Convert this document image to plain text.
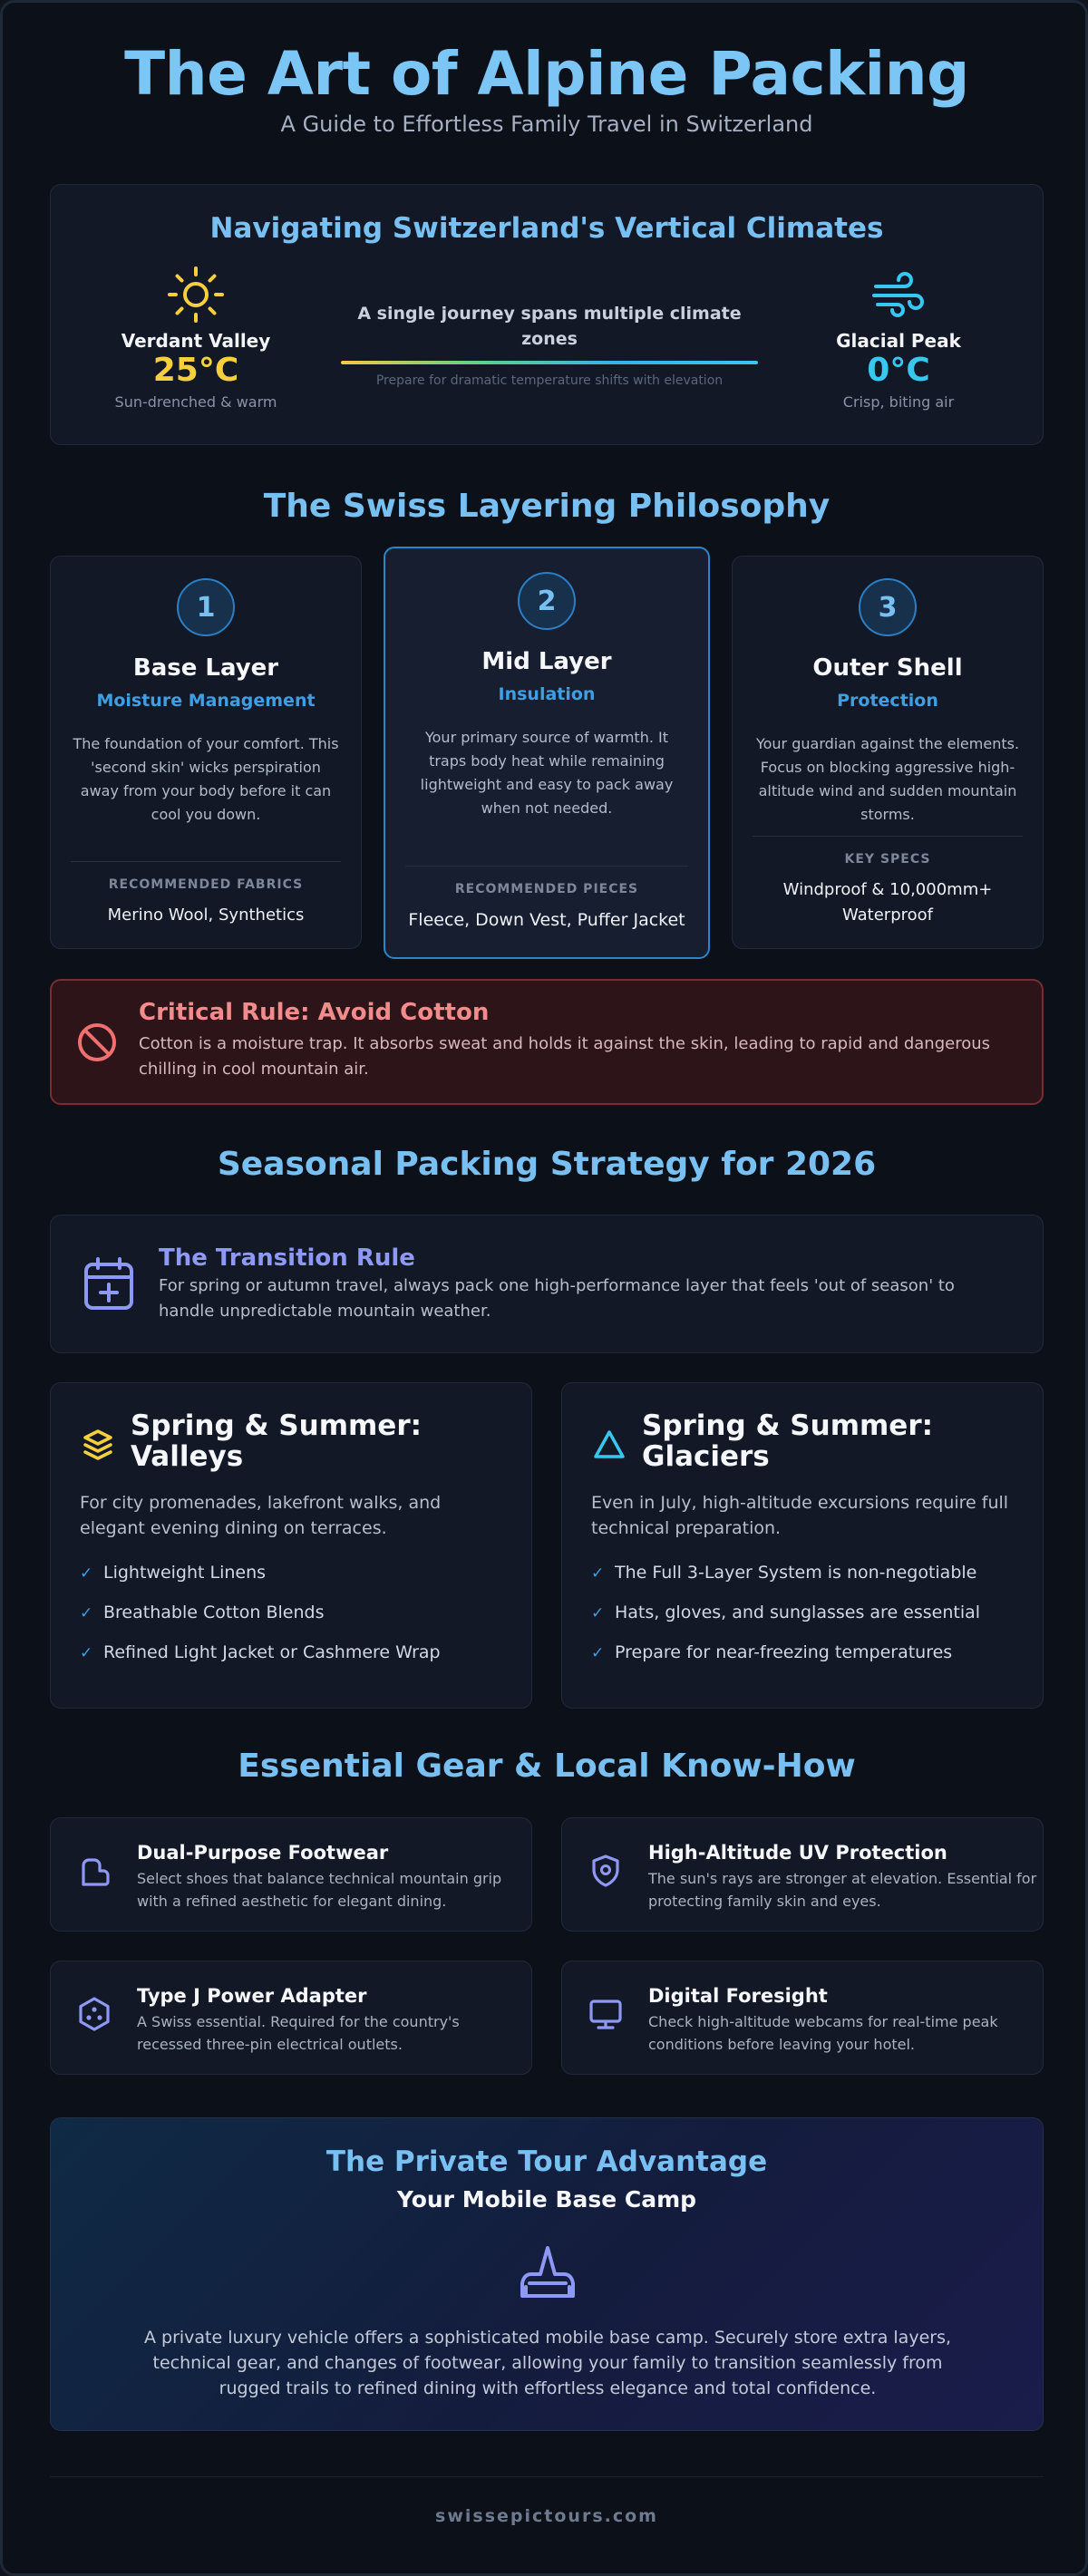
The Art of Alpine Packing
A Guide to Effortless Family Travel in Switzerland
Navigating Switzerland's Vertical Climates
Verdant Valley
25°C
Sun-drenched & warm
A single journey spans multiple climate zones
Prepare for dramatic temperature shifts with elevation
Glacial Peak
0°C
Crisp, biting air
The Swiss Layering Philosophy
1
Base Layer
Moisture Management
The foundation of your comfort. This 'second skin' wicks perspiration away from your body before it can cool you down.
RECOMMENDED FABRICS
Merino Wool, Synthetics
2
Mid Layer
Insulation
Your primary source of warmth. It traps body heat while remaining lightweight and easy to pack away when not needed.
RECOMMENDED PIECES
Fleece, Down Vest, Puffer Jacket
3
Outer Shell
Protection
Your guardian against the elements. Focus on blocking aggressive high-altitude wind and sudden mountain storms.
KEY SPECS
Windproof & 10,000mm+ Waterproof
Critical Rule: Avoid Cotton
Cotton is a moisture trap. It absorbs sweat and holds it against the skin, leading to rapid and dangerous chilling in cool mountain air.
Seasonal Packing Strategy for 2026
The Transition Rule
For spring or autumn travel, always pack one high-performance layer that feels 'out of season' to handle unpredictable mountain weather.
Spring & Summer: Valleys
For city promenades, lakefront walks, and elegant evening dining on terraces.
✓ Lightweight Linens
✓ Breathable Cotton Blends
✓ Refined Light Jacket or Cashmere Wrap
Spring & Summer: Glaciers
Even in July, high-altitude excursions require full technical preparation.
✓ The Full 3-Layer System is non-negotiable
✓ Hats, gloves, and sunglasses are essential
✓ Prepare for near-freezing temperatures
Essential Gear & Local Know-How
Dual-Purpose Footwear
Select shoes that balance technical mountain grip with a refined aesthetic for elegant dining.
High-Altitude UV Protection
The sun's rays are stronger at elevation. Essential for protecting family skin and eyes.
Type J Power Adapter
A Swiss essential. Required for the country's recessed three-pin electrical outlets.
Digital Foresight
Check high-altitude webcams for real-time peak conditions before leaving your hotel.
The Private Tour Advantage
Your Mobile Base Camp
A private luxury vehicle offers a sophisticated mobile base camp. Securely store extra layers, technical gear, and changes of footwear, allowing your family to transition seamlessly from rugged trails to refined dining with effortless elegance and total confidence.
swissepictours.com
